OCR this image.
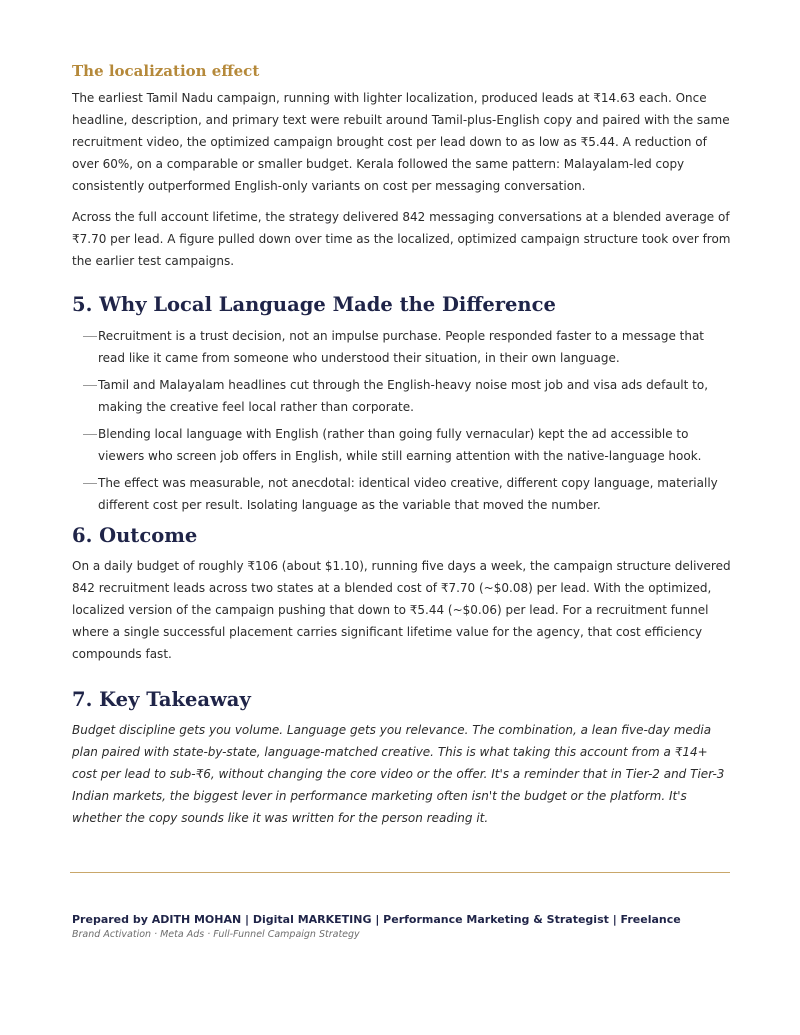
The localization effect

The earliest Tamil Nadu campaign, running with lighter localization, produced leads at ₹14.63 each. Once headline, description, and primary text were rebuilt around Tamil-plus-English copy and paired with the same recruitment video, the optimized campaign brought cost per lead down to as low as ₹5.44. A reduction of over 60%, on a comparable or smaller budget. Kerala followed the same pattern: Malayalam-led copy consistently outperformed English-only variants on cost per messaging conversation.

Across the full account lifetime, the strategy delivered 842 messaging conversations at a blended average of ₹7.70 per lead. A figure pulled down over time as the localized, optimized campaign structure took over from the earlier test campaigns.

5. Why Local Language Made the Difference
Recruitment is a trust decision, not an impulse purchase. People responded faster to a message that read like it came from someone who understood their situation, in their own language.
Tamil and Malayalam headlines cut through the English-heavy noise most job and visa ads default to, making the creative feel local rather than corporate.
Blending local language with English (rather than going fully vernacular) kept the ad accessible to viewers who screen job offers in English, while still earning attention with the native-language hook.
The effect was measurable, not anecdotal: identical video creative, different copy language, materially different cost per result. Isolating language as the variable that moved the number.
6. Outcome

On a daily budget of roughly ₹106 (about $1.10), running five days a week, the campaign structure delivered 842 recruitment leads across two states at a blended cost of ₹7.70 (~$0.08) per lead. With the optimized, localized version of the campaign pushing that down to ₹5.44 (~$0.06) per lead. For a recruitment funnel where a single successful placement carries significant lifetime value for the agency, that cost efficiency compounds fast.

7. Key Takeaway

Budget discipline gets you volume. Language gets you relevance. The combination, a lean five-day media plan paired with state-by-state, language-matched creative. This is what taking this account from a ₹14+ cost per lead to sub-₹6, without changing the core video or the offer. It's a reminder that in Tier-2 and Tier-3 Indian markets, the biggest lever in performance marketing often isn't the budget or the platform. It's whether the copy sounds like it was written for the person reading it.

Prepared by ADITH MOHAN | Digital MARKETING | Performance Marketing & Strategist | Freelance
Brand Activation · Meta Ads · Full-Funnel Campaign Strategy
